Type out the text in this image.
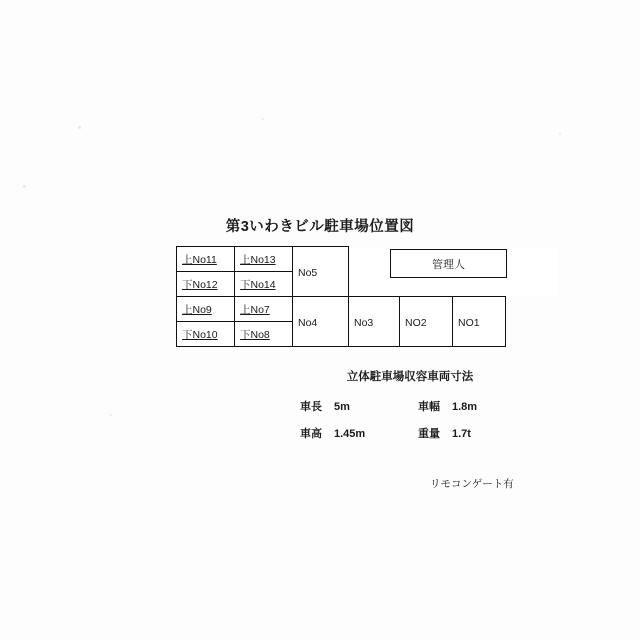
第3いわきビル駐車場位置図
上No11	上No13	No5				

下No12	下No14					

上No9	上No7	No4	No3	NO2	NO1	

下No10	下No8					
管理人
立体駐車場収容車両寸法
車長 5m	車幅 1.8m
車高 1.45m	重量 1.7t
リモコンゲート有
